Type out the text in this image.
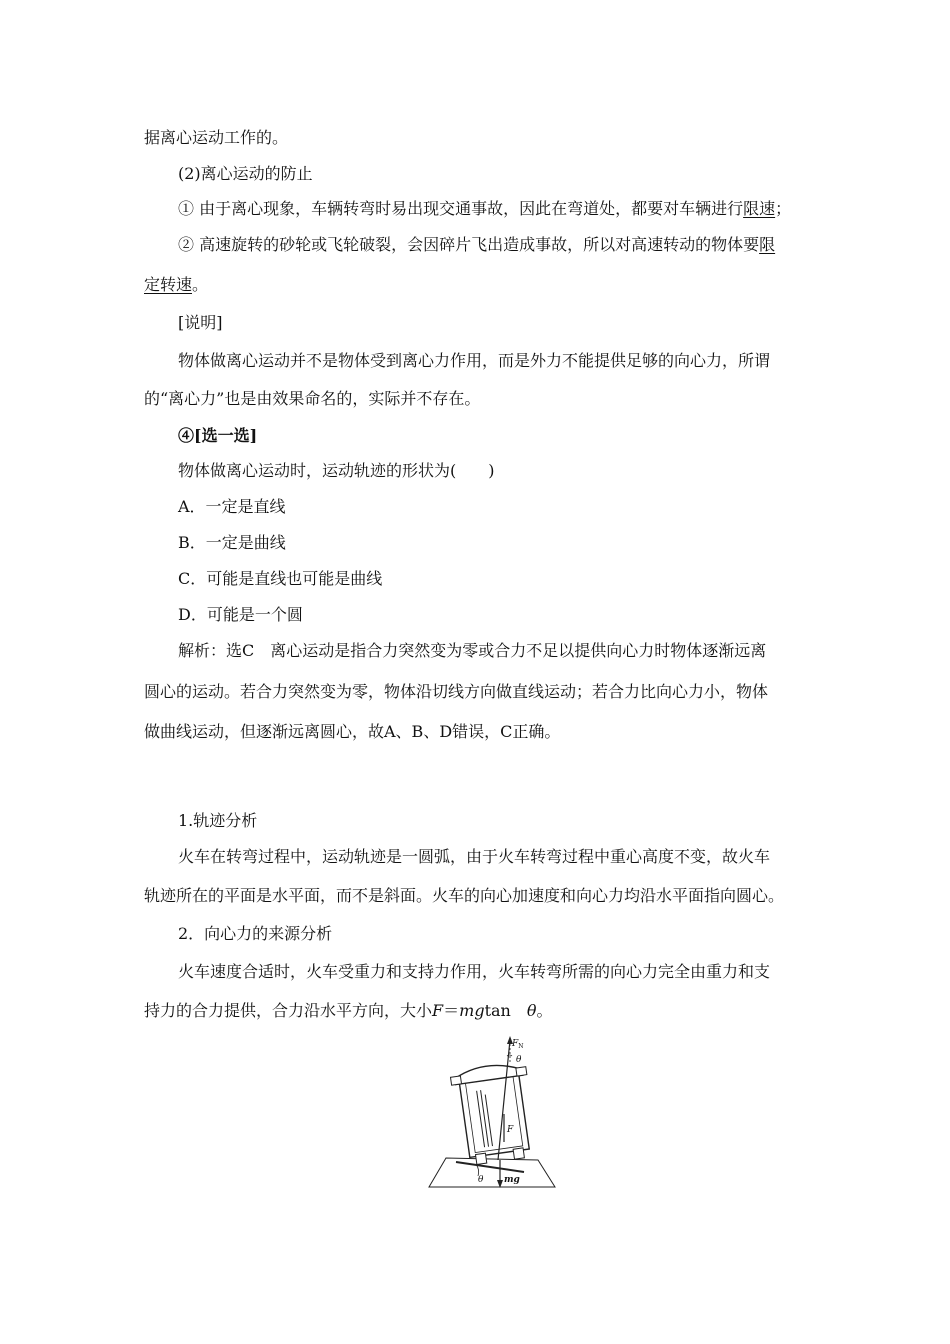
据离心运动工作的。
(2)离心运动的防止
① 由于离心现象，车辆转弯时易出现交通事故，因此在弯道处，都要对车辆进行限速；
② 高速旋转的砂轮或飞轮破裂，会因碎片飞出造成事故，所以对高速转动的物体要限
定转速。
[说明]
物体做离心运动并不是物体受到离心力作用，而是外力不能提供足够的向心力，所谓
的“离心力”也是由效果命名的，实际并不存在。
④[选一选]
物体做离心运动时，运动轨迹的形状为(　　)
A．一定是直线
B．一定是曲线
C．可能是直线也可能是曲线
D．可能是一个圆
解析：选C　离心运动是指合力突然变为零或合力不足以提供向心力时物体逐渐远离
圆心的运动。若合力突然变为零，物体沿切线方向做直线运动；若合力比向心力小，物体
做曲线运动，但逐渐远离圆心，故A、B、D错误，C正确。
1.轨迹分析
火车在转弯过程中，运动轨迹是一圆弧，由于火车转弯过程中重心高度不变，故火车
轨迹所在的平面是水平面，而不是斜面。火车的向心加速度和向心力均沿水平面指向圆心。
2．向心力的来源分析
火车速度合适时，火车受重力和支持力作用，火车转弯所需的向心力完全由重力和支
持力的合力提供，合力沿水平方向，大小F＝mgtan　θ。
$F_N$
θ
F
θ mg
